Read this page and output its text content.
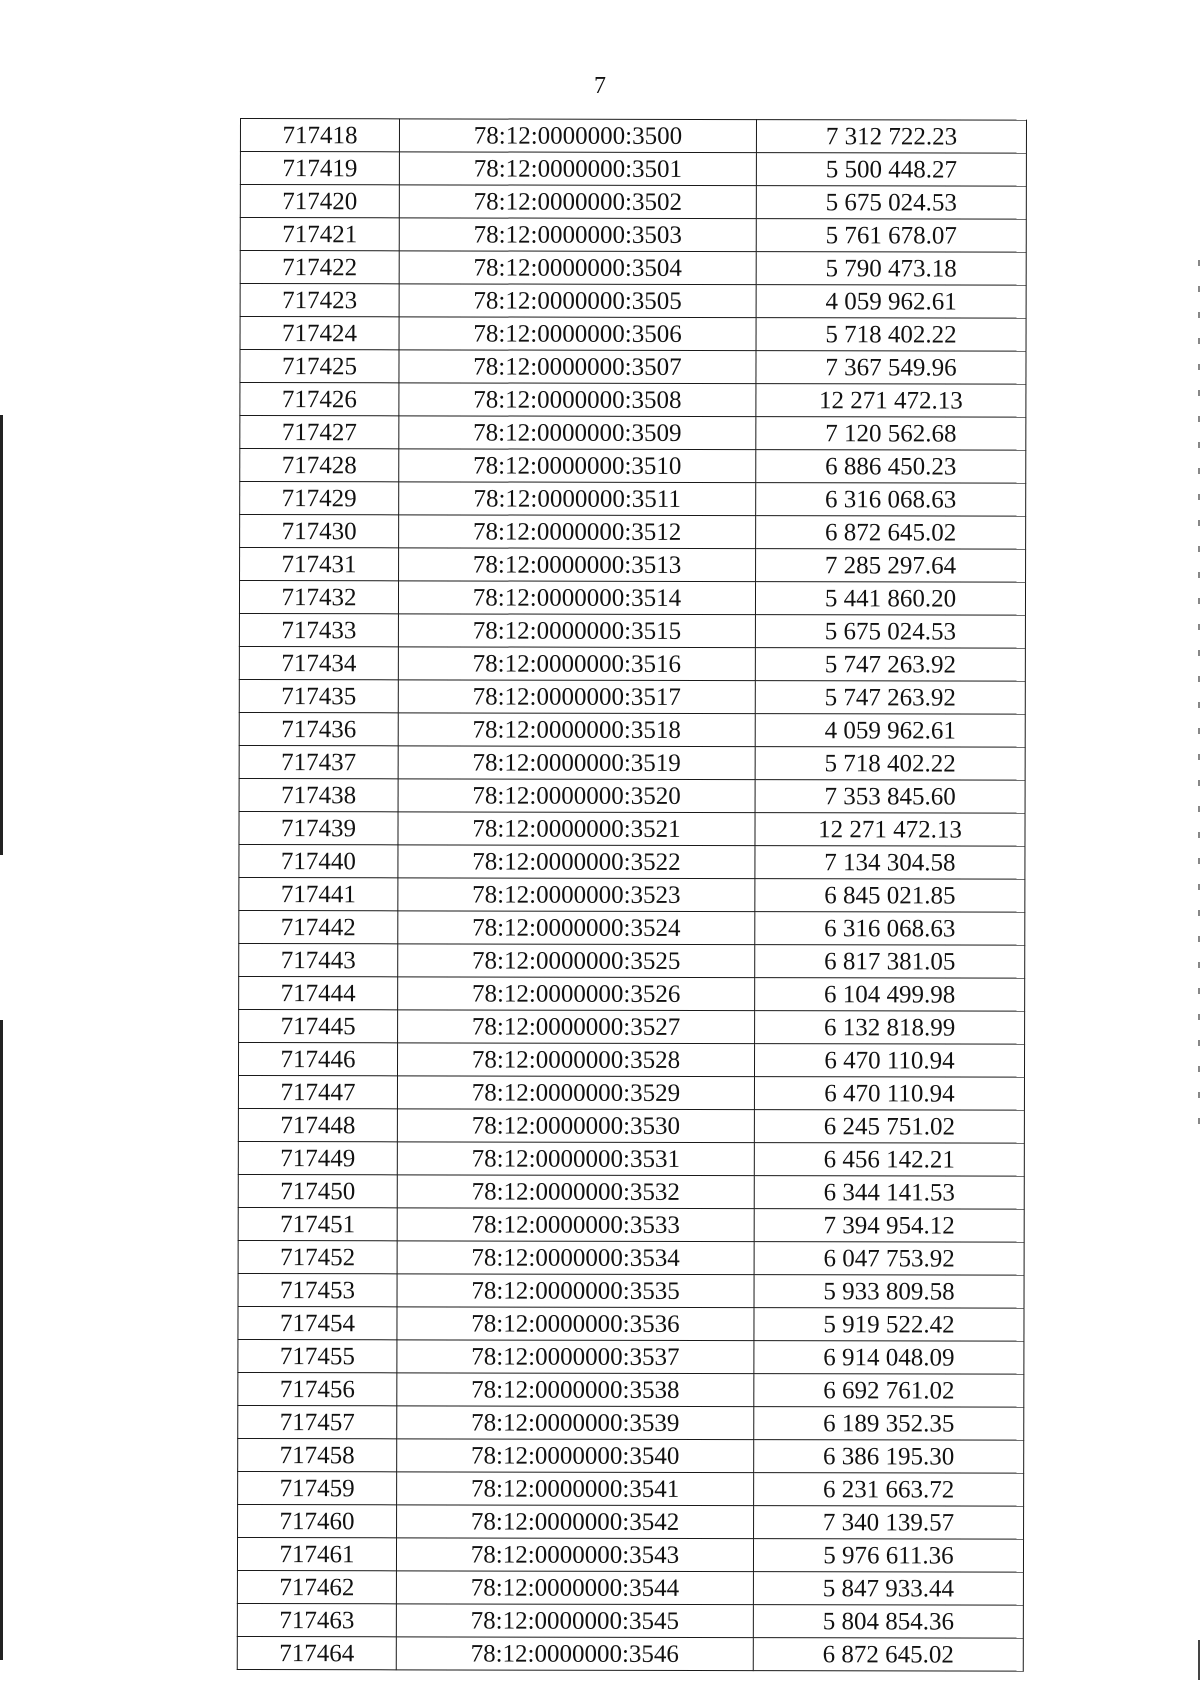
7
717418	78:12:0000000:3500	7 312 722.23
717419	78:12:0000000:3501	5 500 448.27
717420	78:12:0000000:3502	5 675 024.53
717421	78:12:0000000:3503	5 761 678.07
717422	78:12:0000000:3504	5 790 473.18
717423	78:12:0000000:3505	4 059 962.61
717424	78:12:0000000:3506	5 718 402.22
717425	78:12:0000000:3507	7 367 549.96
717426	78:12:0000000:3508	12 271 472.13
717427	78:12:0000000:3509	7 120 562.68
717428	78:12:0000000:3510	6 886 450.23
717429	78:12:0000000:3511	6 316 068.63
717430	78:12:0000000:3512	6 872 645.02
717431	78:12:0000000:3513	7 285 297.64
717432	78:12:0000000:3514	5 441 860.20
717433	78:12:0000000:3515	5 675 024.53
717434	78:12:0000000:3516	5 747 263.92
717435	78:12:0000000:3517	5 747 263.92
717436	78:12:0000000:3518	4 059 962.61
717437	78:12:0000000:3519	5 718 402.22
717438	78:12:0000000:3520	7 353 845.60
717439	78:12:0000000:3521	12 271 472.13
717440	78:12:0000000:3522	7 134 304.58
717441	78:12:0000000:3523	6 845 021.85
717442	78:12:0000000:3524	6 316 068.63
717443	78:12:0000000:3525	6 817 381.05
717444	78:12:0000000:3526	6 104 499.98
717445	78:12:0000000:3527	6 132 818.99
717446	78:12:0000000:3528	6 470 110.94
717447	78:12:0000000:3529	6 470 110.94
717448	78:12:0000000:3530	6 245 751.02
717449	78:12:0000000:3531	6 456 142.21
717450	78:12:0000000:3532	6 344 141.53
717451	78:12:0000000:3533	7 394 954.12
717452	78:12:0000000:3534	6 047 753.92
717453	78:12:0000000:3535	5 933 809.58
717454	78:12:0000000:3536	5 919 522.42
717455	78:12:0000000:3537	6 914 048.09
717456	78:12:0000000:3538	6 692 761.02
717457	78:12:0000000:3539	6 189 352.35
717458	78:12:0000000:3540	6 386 195.30
717459	78:12:0000000:3541	6 231 663.72
717460	78:12:0000000:3542	7 340 139.57
717461	78:12:0000000:3543	5 976 611.36
717462	78:12:0000000:3544	5 847 933.44
717463	78:12:0000000:3545	5 804 854.36
717464	78:12:0000000:3546	6 872 645.02
